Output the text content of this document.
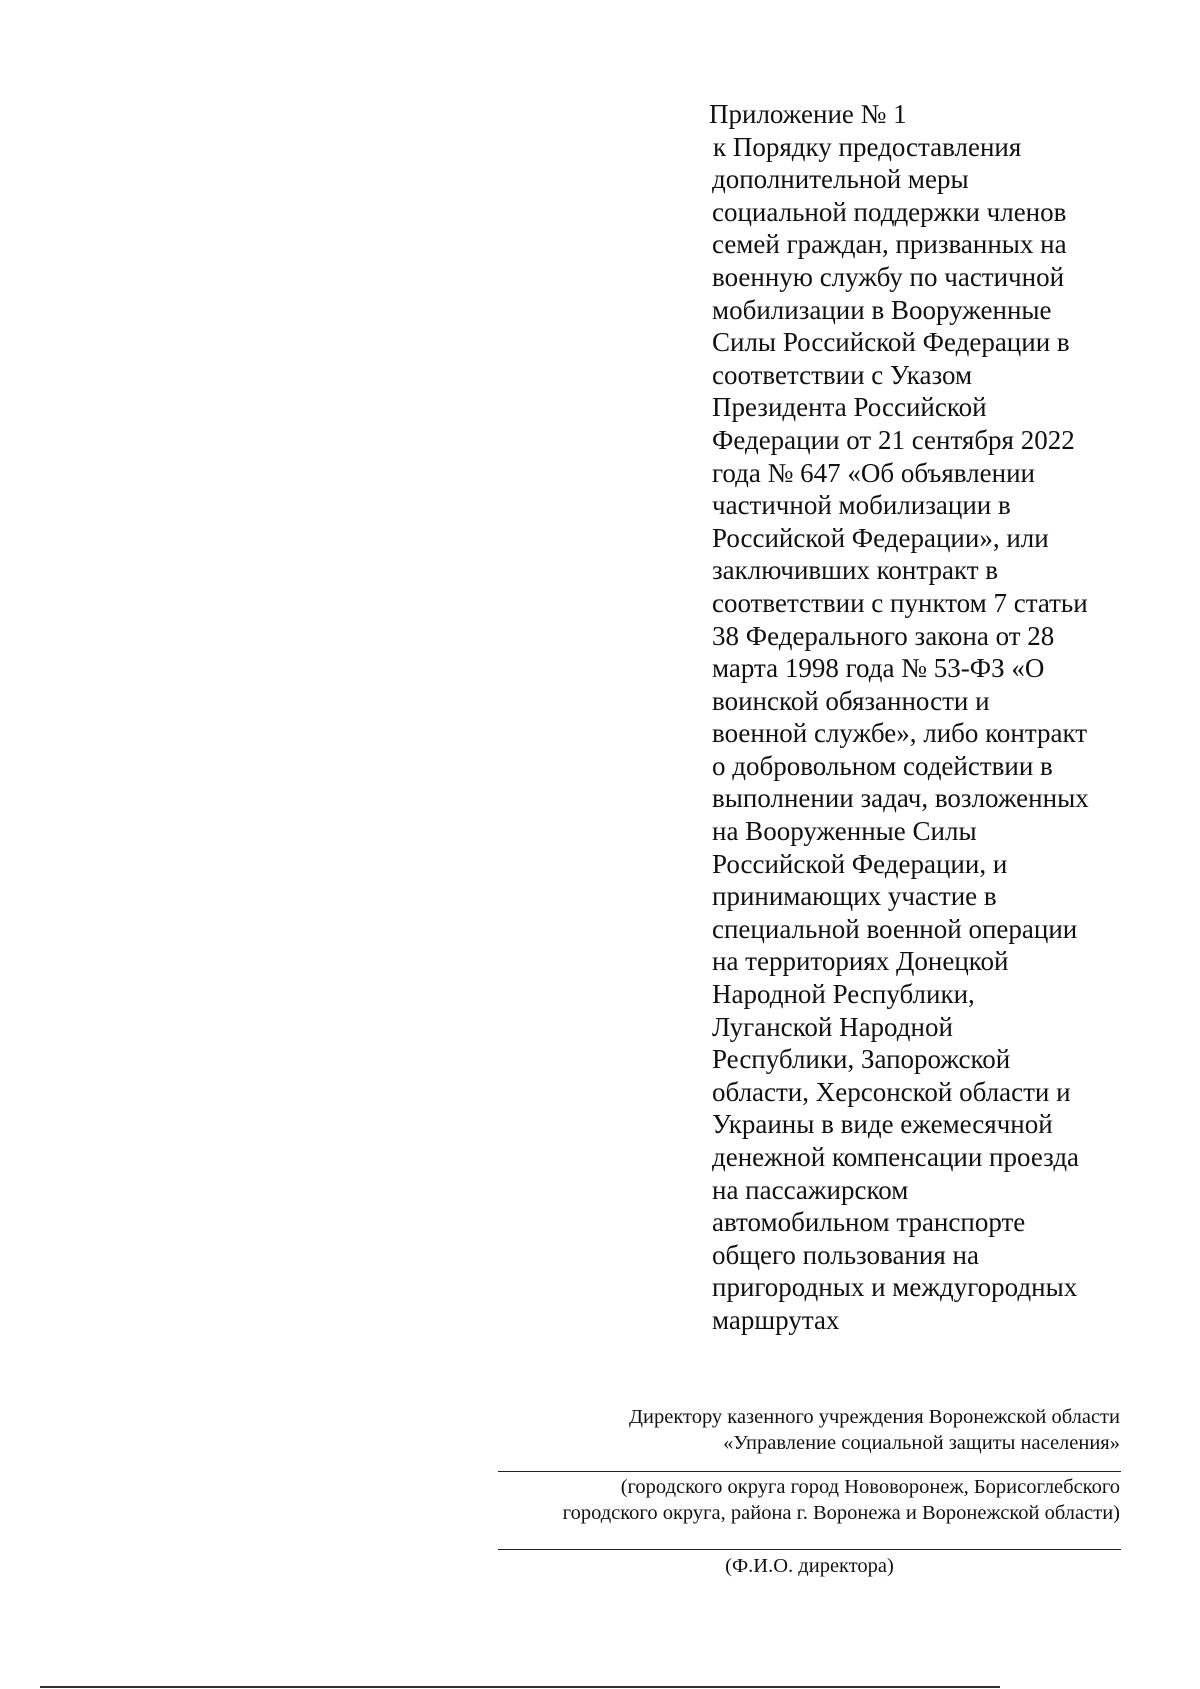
Приложение № 1
к Порядку предоставления
дополнительной меры
социальной поддержки членов
семей граждан, призванных на
военную службу по частичной
мобилизации в Вооруженные
Силы Российской Федерации в
соответствии с Указом
Президента Российской
Федерации от 21 сентября 2022
года № 647 «Об объявлении
частичной мобилизации в
Российской Федерации», или
заключивших контракт в
соответствии с пунктом 7 статьи
38 Федерального закона от 28
марта 1998 года № 53-ФЗ «О
воинской обязанности и
военной службе», либо контракт
о добровольном содействии в
выполнении задач, возложенных
на Вооруженные Силы
Российской Федерации, и
принимающих участие в
специальной военной операции
на территориях Донецкой
Народной Республики,
Луганской Народной
Республики, Запорожской
области, Херсонской области и
Украины в виде ежемесячной
денежной компенсации проезда
на пассажирском
автомобильном транспорте
общего пользования на
пригородных и междугородных
маршрутах
Директору казенного учреждения Воронежской области
«Управление социальной защиты населения»
(городского округа город Нововоронеж, Борисоглебского
городского округа, района г. Воронежа и Воронежской области)
(Ф.И.О. директора)
